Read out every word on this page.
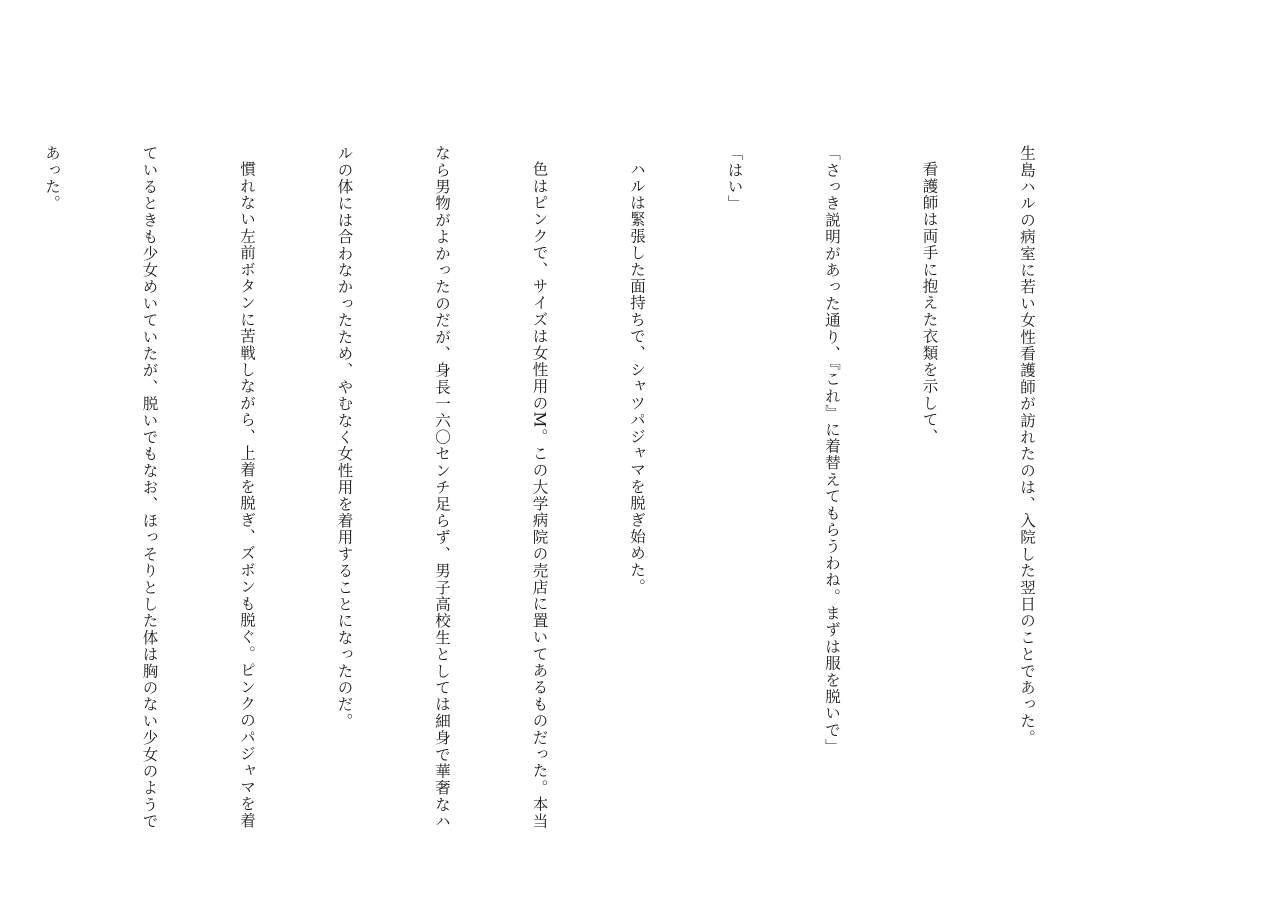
生島ハルの病室に若い女性看護師が訪れたのは、入院した翌日のことであった。

看護師は両手に抱えた衣類を示して、

「さっき説明があった通り、『これ』に着替えてもらうわね。まずは服を脱いで」

「はい」

ハルは緊張した面持ちで、シャツパジャマを脱ぎ始めた。

色はピンクで、サイズは女性用のM。この大学病院の売店に置いてあるものだった。本当

なら男物がよかったのだが、身長一六〇センチ足らず、男子高校生としては細身で華奢なハ

ルの体には合わなかったため、やむなく女性用を着用することになったのだ。

慣れない左前ボタンに苦戦しながら、上着を脱ぎ、ズボンも脱ぐ。ピンクのパジャマを着

ているときも少女めいていたが、脱いでもなお、ほっそりとした体は胸のない少女のようで

あった。
